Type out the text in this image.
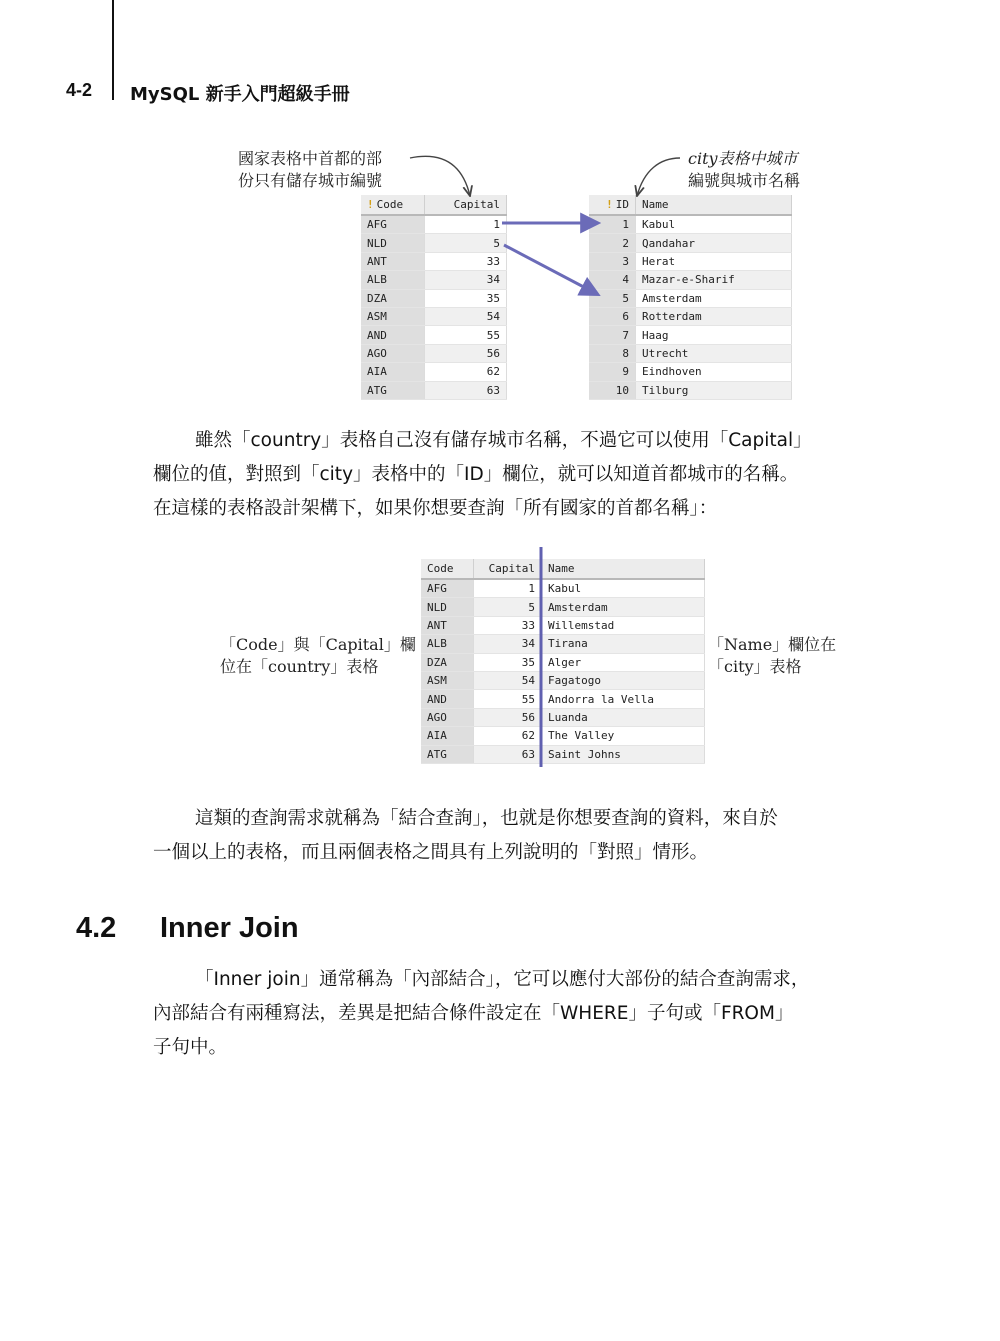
4-2 MySQL 新手入門超級手冊
國家表格中首都的部
份只有儲存城市編號
city表格中城市
編號與城市名稱
! Code	Capital
AFG	1
NLD	5
ANT	33
ALB	34
DZA	35
ASM	54
AND	55
AGO	56
AIA	62
ATG	63
! ID	Name
1	Kabul
2	Qandahar
3	Herat
4	Mazar-e-Sharif
5	Amsterdam
6	Rotterdam
7	Haag
8	Utrecht
9	Eindhoven
10	Tilburg
雖然「country」表格自己沒有儲存城市名稱，不過它可以使用「Capital」
欄位的值，對照到「city」表格中的「ID」欄位，就可以知道首都城市的名稱。
在這樣的表格設計架構下，如果你想要查詢「所有國家的首都名稱」：
「Code」與「Capital」欄
位在「country」表格
「Name」欄位在
「city」表格
Code	Capital	Name
AFG	1	Kabul
NLD	5	Amsterdam
ANT	33	Willemstad
ALB	34	Tirana
DZA	35	Alger
ASM	54	Fagatogo
AND	55	Andorra la Vella
AGO	56	Luanda
AIA	62	The Valley
ATG	63	Saint Johns
這類的查詢需求就稱為「結合查詢」，也就是你想要查詢的資料，來自於
一個以上的表格，而且兩個表格之間具有上列說明的「對照」情形。
4.2 Inner Join
「Inner join」通常稱為「內部結合」，它可以應付大部份的結合查詢需求，
內部結合有兩種寫法，差異是把結合條件設定在「WHERE」子句或「FROM」
子句中。
